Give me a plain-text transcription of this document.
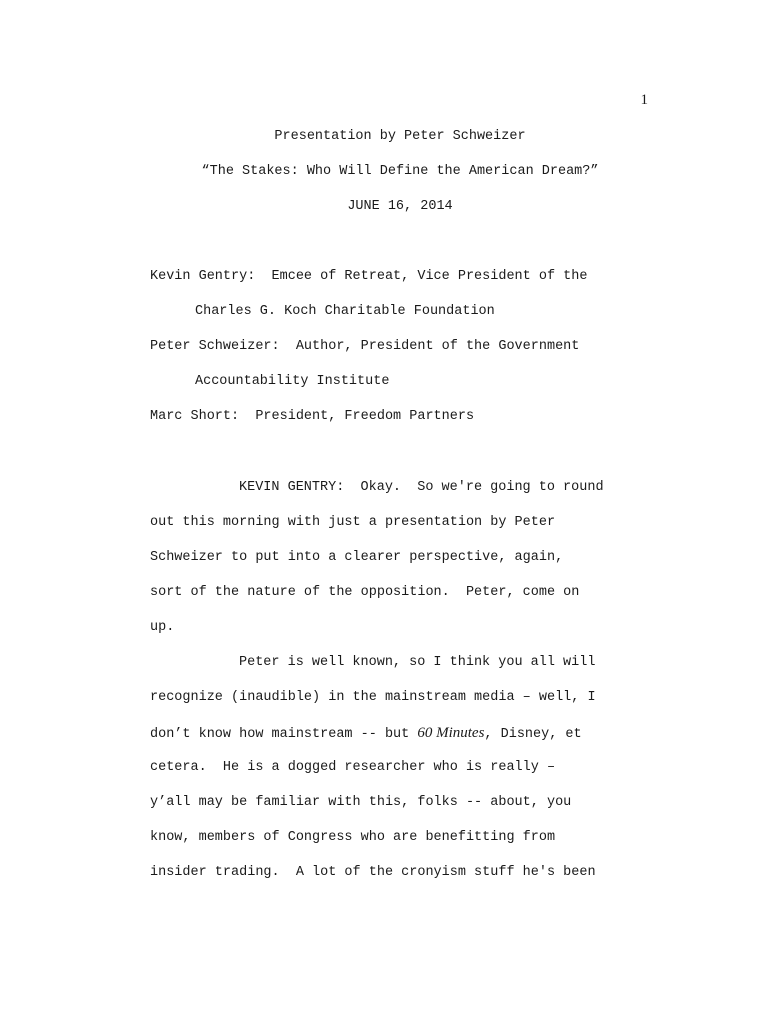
1
Presentation by Peter Schweizer
“The Stakes: Who Will Define the American Dream?”
JUNE 16, 2014
Kevin Gentry:  Emcee of Retreat, Vice President of the
Charles G. Koch Charitable Foundation
Peter Schweizer:  Author, President of the Government
Accountability Institute
Marc Short:  President, Freedom Partners
KEVIN GENTRY:  Okay.  So we're going to round
out this morning with just a presentation by Peter
Schweizer to put into a clearer perspective, again,
sort of the nature of the opposition.  Peter, come on
up.
Peter is well known, so I think you all will
recognize (inaudible) in the mainstream media – well, I
don’t know how mainstream -- but 60 Minutes, Disney, et
cetera.  He is a dogged researcher who is really –
y’all may be familiar with this, folks -- about, you
know, members of Congress who are benefitting from
insider trading.  A lot of the cronyism stuff he's been
